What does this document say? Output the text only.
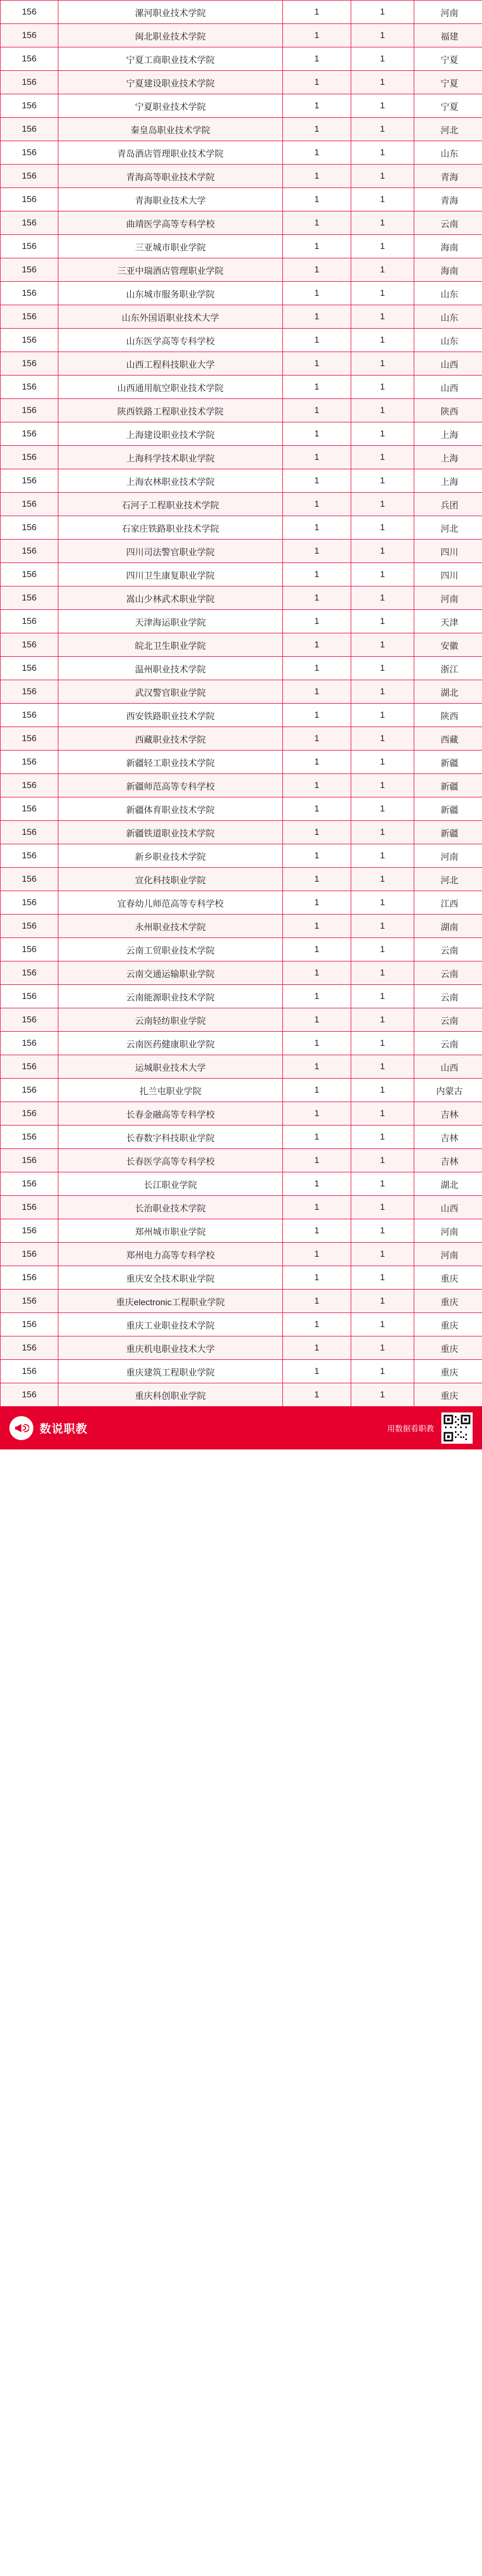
156	漯河职业技术学院	1	1	河南
156	闽北职业技术学院	1	1	福建
156	宁夏工商职业技术学院	1	1	宁夏
156	宁夏建设职业技术学院	1	1	宁夏
156	宁夏职业技术学院	1	1	宁夏
156	秦皇岛职业技术学院	1	1	河北
156	青岛酒店管理职业技术学院	1	1	山东
156	青海高等职业技术学院	1	1	青海
156	青海职业技术大学	1	1	青海
156	曲靖医学高等专科学校	1	1	云南
156	三亚城市职业学院	1	1	海南
156	三亚中瑞酒店管理职业学院	1	1	海南
156	山东城市服务职业学院	1	1	山东
156	山东外国语职业技术大学	1	1	山东
156	山东医学高等专科学校	1	1	山东
156	山西工程科技职业大学	1	1	山西
156	山西通用航空职业技术学院	1	1	山西
156	陕西铁路工程职业技术学院	1	1	陕西
156	上海建设职业技术学院	1	1	上海
156	上海科学技术职业学院	1	1	上海
156	上海农林职业技术学院	1	1	上海
156	石河子工程职业技术学院	1	1	兵团
156	石家庄铁路职业技术学院	1	1	河北
156	四川司法警官职业学院	1	1	四川
156	四川卫生康复职业学院	1	1	四川
156	嵩山少林武术职业学院	1	1	河南
156	天津海运职业学院	1	1	天津
156	皖北卫生职业学院	1	1	安徽
156	温州职业技术学院	1	1	浙江
156	武汉警官职业学院	1	1	湖北
156	西安铁路职业技术学院	1	1	陕西
156	西藏职业技术学院	1	1	西藏
156	新疆轻工职业技术学院	1	1	新疆
156	新疆师范高等专科学校	1	1	新疆
156	新疆体育职业技术学院	1	1	新疆
156	新疆铁道职业技术学院	1	1	新疆
156	新乡职业技术学院	1	1	河南
156	宣化科技职业学院	1	1	河北
156	宜春幼儿师范高等专科学校	1	1	江西
156	永州职业技术学院	1	1	湖南
156	云南工贸职业技术学院	1	1	云南
156	云南交通运输职业学院	1	1	云南
156	云南能源职业技术学院	1	1	云南
156	云南轻纺职业学院	1	1	云南
156	云南医药健康职业学院	1	1	云南
156	运城职业技术大学	1	1	山西
156	扎兰屯职业学院	1	1	内蒙古
156	长春金融高等专科学校	1	1	吉林
156	长春数字科技职业学院	1	1	吉林
156	长春医学高等专科学校	1	1	吉林
156	长江职业学院	1	1	湖北
156	长治职业技术学院	1	1	山西
156	郑州城市职业学院	1	1	河南
156	郑州电力高等专科学校	1	1	河南
156	重庆安全技术职业学院	1	1	重庆
156	重庆electronic工程职业学院	1	1	重庆
156	重庆工业职业技术学院	1	1	重庆
156	重庆机电职业技术大学	1	1	重庆
156	重庆建筑工程职业学院	1	1	重庆
156	重庆科创职业学院	1	1	重庆
数说职教	用数据看职教
